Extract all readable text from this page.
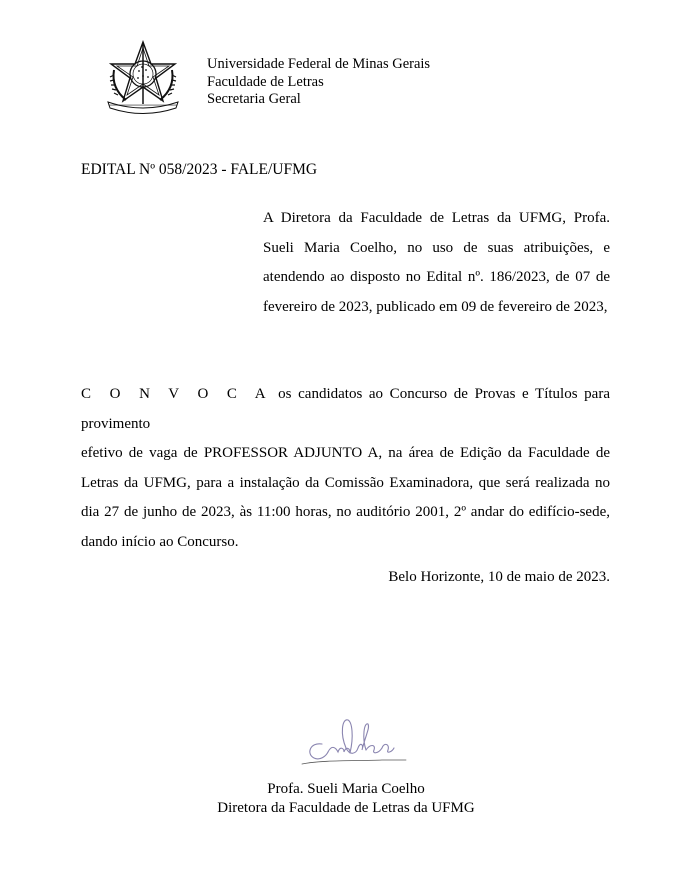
Universidade Federal de Minas Gerais
Faculdade de Letras
Secretaria Geral
EDITAL Nº 058/2023 - FALE/UFMG
A Diretora da Faculdade de Letras da UFMG, Profa.
Sueli Maria Coelho, no uso de suas atribuições, e
atendendo ao disposto no Edital nº. 186/2023, de 07 de
fevereiro de 2023, publicado em 09 de fevereiro de 2023,
C O N V O C A os candidatos ao Concurso de Provas e Títulos para provimento
efetivo de vaga de PROFESSOR ADJUNTO A, na área de Edição da Faculdade de
Letras da UFMG, para a instalação da Comissão Examinadora, que será realizada no
dia 27 de junho de 2023, às 11:00 horas, no auditório 2001, 2º andar do edifício-sede,
dando início ao Concurso.
Belo Horizonte, 10 de maio de 2023.
Profa. Sueli Maria Coelho
Diretora da Faculdade de Letras da UFMG
